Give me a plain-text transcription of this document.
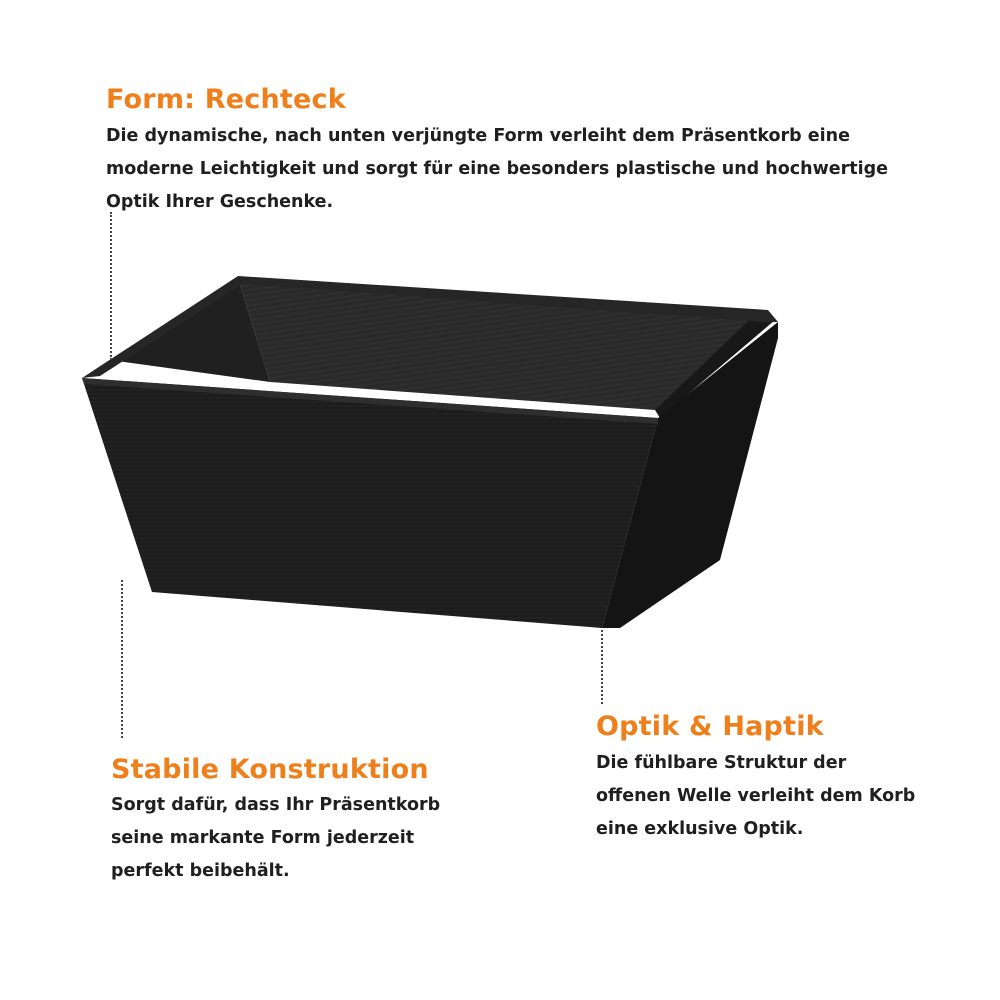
Form: Rechteck

Die dynamische, nach unten verjüngte Form verleiht dem Präsentkorb eine
moderne Leichtigkeit und sorgt für eine besonders plastische und hochwertige
Optik Ihrer Geschenke.

Stabile Konstruktion

Sorgt dafür, dass Ihr Präsentkorb
seine markante Form jederzeit
perfekt beibehält.

Optik & Haptik

Die fühlbare Struktur der
offenen Welle verleiht dem Korb
eine exklusive Optik.
